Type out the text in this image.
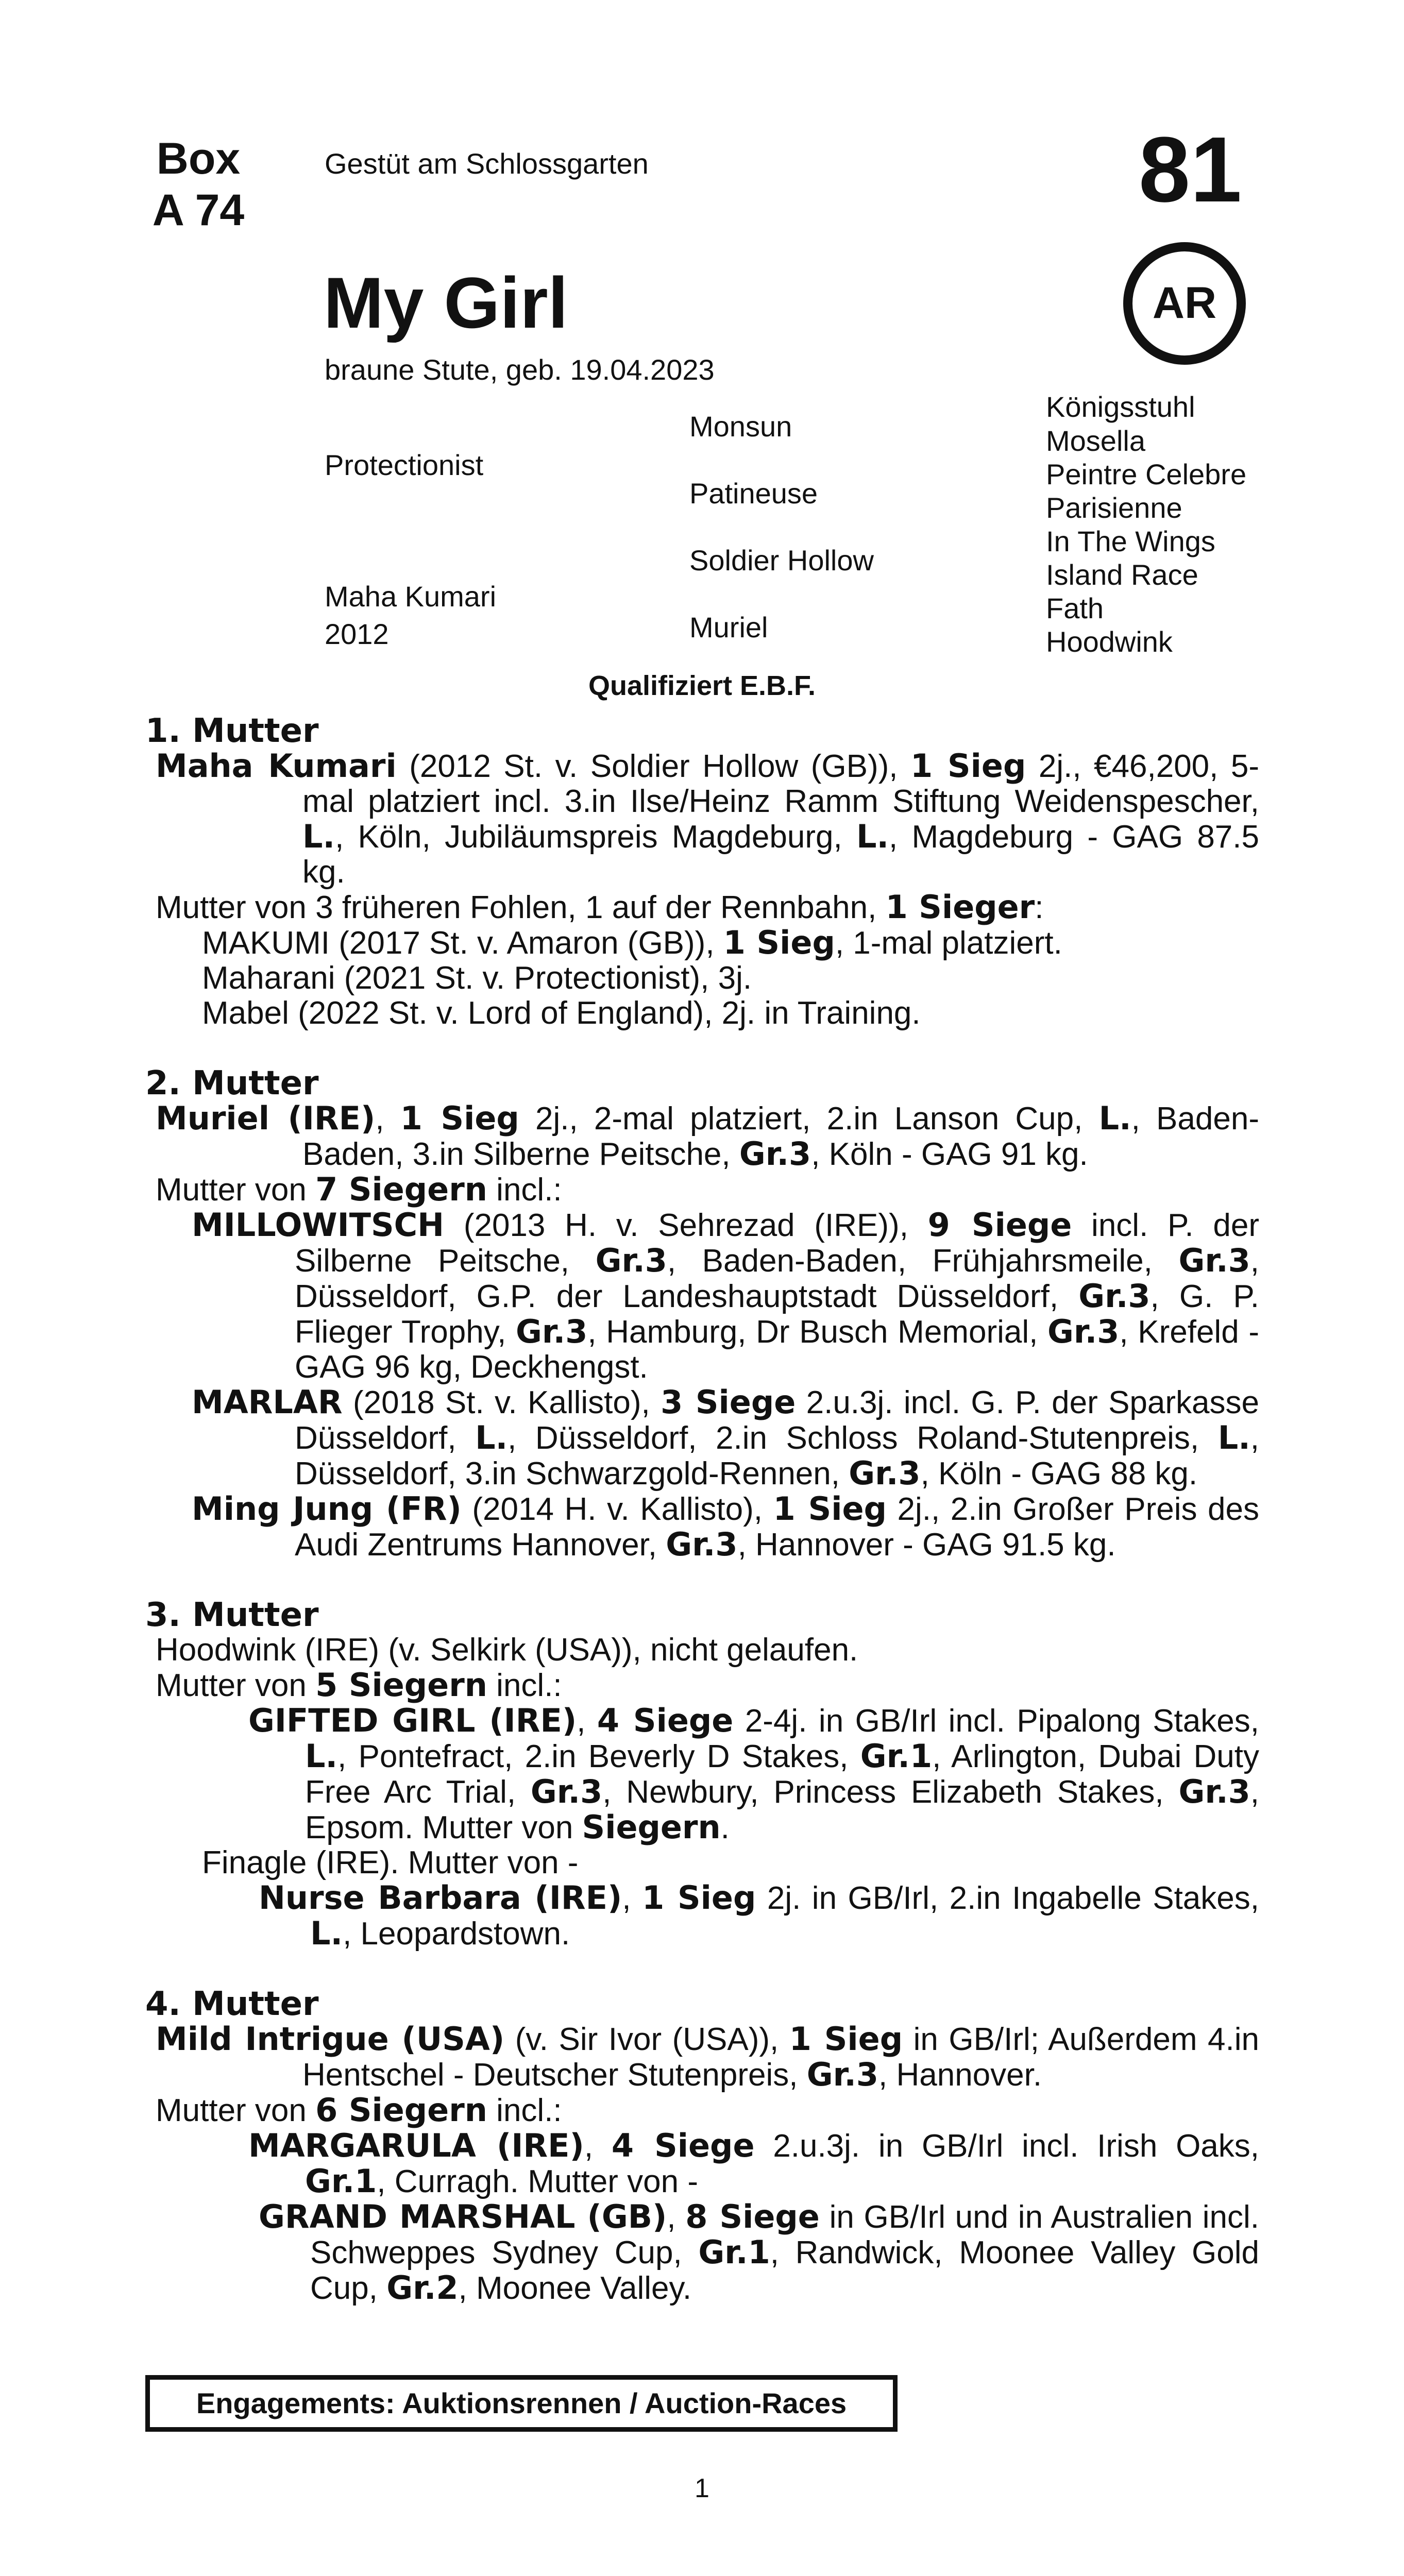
Box
A 74
Gestüt am Schlossgarten	81
AR
My Girl
braune Stute, geb. 19.04.2023
Protectionist
Maha Kumari
2012
Monsun
Patineuse
Soldier Hollow
Muriel
Königsstuhl
Mosella
Peintre Celebre
Parisienne
In The Wings
Island Race
Fath
Hoodwink
Qualifiziert E.B.F.
1. Mutter

Maha Kumari (2012 St. v. Soldier Hollow (GB)), 1 Sieg 2j., €46,200, 5-mal platziert incl. 3.in Ilse/Heinz Ramm Stiftung Weidenspescher, L., Köln, Jubiläumspreis Magdeburg, L., Magdeburg - GAG 87.5 kg.

Mutter von 3 früheren Fohlen, 1 auf der Rennbahn, 1 Sieger:

MAKUMI (2017 St. v. Amaron (GB)), 1 Sieg, 1-mal platziert.

Maharani (2021 St. v. Protectionist), 3j.

Mabel (2022 St. v. Lord of England), 2j. in Training.

2. Mutter

Muriel (IRE), 1 Sieg 2j., 2-mal platziert, 2.in Lanson Cup, L., Baden-Baden, 3.in Silberne Peitsche, Gr.3, Köln - GAG 91 kg.

Mutter von 7 Siegern incl.:

MILLOWITSCH (2013 H. v. Sehrezad (IRE)), 9 Siege incl. P. der Silberne Peitsche, Gr.3, Baden-Baden, Frühjahrsmeile, Gr.3, Düsseldorf, G.P. der Landeshauptstadt Düsseldorf, Gr.3, G. P. Flieger Trophy, Gr.3, Hamburg, Dr Busch Memorial, Gr.3, Krefeld - GAG 96 kg, Deckhengst.

MARLAR (2018 St. v. Kallisto), 3 Siege 2.u.3j. incl. G. P. der Sparkasse Düsseldorf, L., Düsseldorf, 2.in Schloss Roland-Stutenpreis, L., Düsseldorf, 3.in Schwarzgold-Rennen, Gr.3, Köln - GAG 88 kg.

Ming Jung (FR) (2014 H. v. Kallisto), 1 Sieg 2j., 2.in Großer Preis des Audi Zentrums Hannover, Gr.3, Hannover - GAG 91.5 kg.

3. Mutter

Hoodwink (IRE) (v. Selkirk (USA)), nicht gelaufen.

Mutter von 5 Siegern incl.:

GIFTED GIRL (IRE), 4 Siege 2-4j. in GB/Irl incl. Pipalong Stakes, L., Pontefract, 2.in Beverly D Stakes, Gr.1, Arlington, Dubai Duty Free Arc Trial, Gr.3, Newbury, Princess Elizabeth Stakes, Gr.3, Epsom. Mutter von Siegern.

Finagle (IRE). Mutter von -

Nurse Barbara (IRE), 1 Sieg 2j. in GB/Irl, 2.in Ingabelle Stakes, L., Leopardstown.

4. Mutter

Mild Intrigue (USA) (v. Sir Ivor (USA)), 1 Sieg in GB/Irl; Außerdem 4.in Hentschel - Deutscher Stutenpreis, Gr.3, Hannover.

Mutter von 6 Siegern incl.:

MARGARULA (IRE), 4 Siege 2.u.3j. in GB/Irl incl. Irish Oaks, Gr.1, Curragh. Mutter von -

GRAND MARSHAL (GB), 8 Siege in GB/Irl und in Australien incl. Schweppes Sydney Cup, Gr.1, Randwick, Moonee Valley Gold Cup, Gr.2, Moonee Valley.

Engagements: Auktionsrennen / Auction-Races
1
